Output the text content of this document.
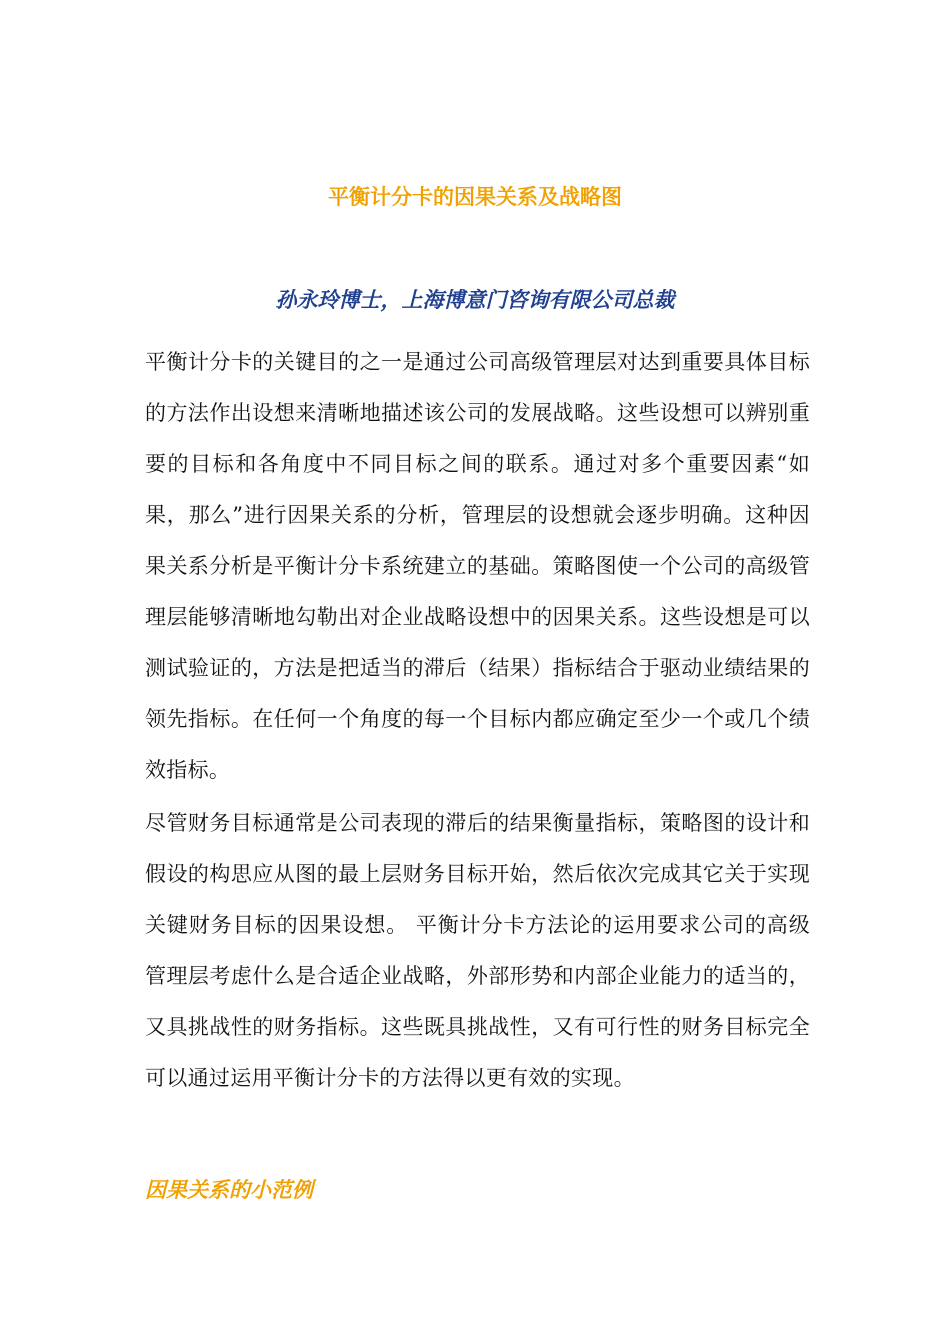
平衡计分卡的因果关系及战略图
孙永玲博士，上海博意门咨询有限公司总裁

平衡计分卡的关键目的之一是通过公司高级管理层对达到重要具体目标的方法作出设想来清晰地描述该公司的发展战略。这些设想可以辨别重要的目标和各角度中不同目标之间的联系。通过对多个重要因素“如果，那么”进行因果关系的分析，管理层的设想就会逐步明确。这种因果关系分析是平衡计分卡系统建立的基础。策略图使一个公司的高级管理层能够清晰地勾勒出对企业战略设想中的因果关系。这些设想是可以测试验证的，方法是把适当的滞后（结果）指标结合于驱动业绩结果的领先指标。在任何一个角度的每一个目标内都应确定至少一个或几个绩效指标。

尽管财务目标通常是公司表现的滞后的结果衡量指标，策略图的设计和假设的构思应从图的最上层财务目标开始，然后依次完成其它关于实现关键财务目标的因果设想。 平衡计分卡方法论的运用要求公司的高级管理层考虑什么是合适企业战略，外部形势和内部企业能力的适当的，又具挑战性的财务指标。这些既具挑战性，又有可行性的财务目标完全可以通过运用平衡计分卡的方法得以更有效的实现。

因果关系的小范例
